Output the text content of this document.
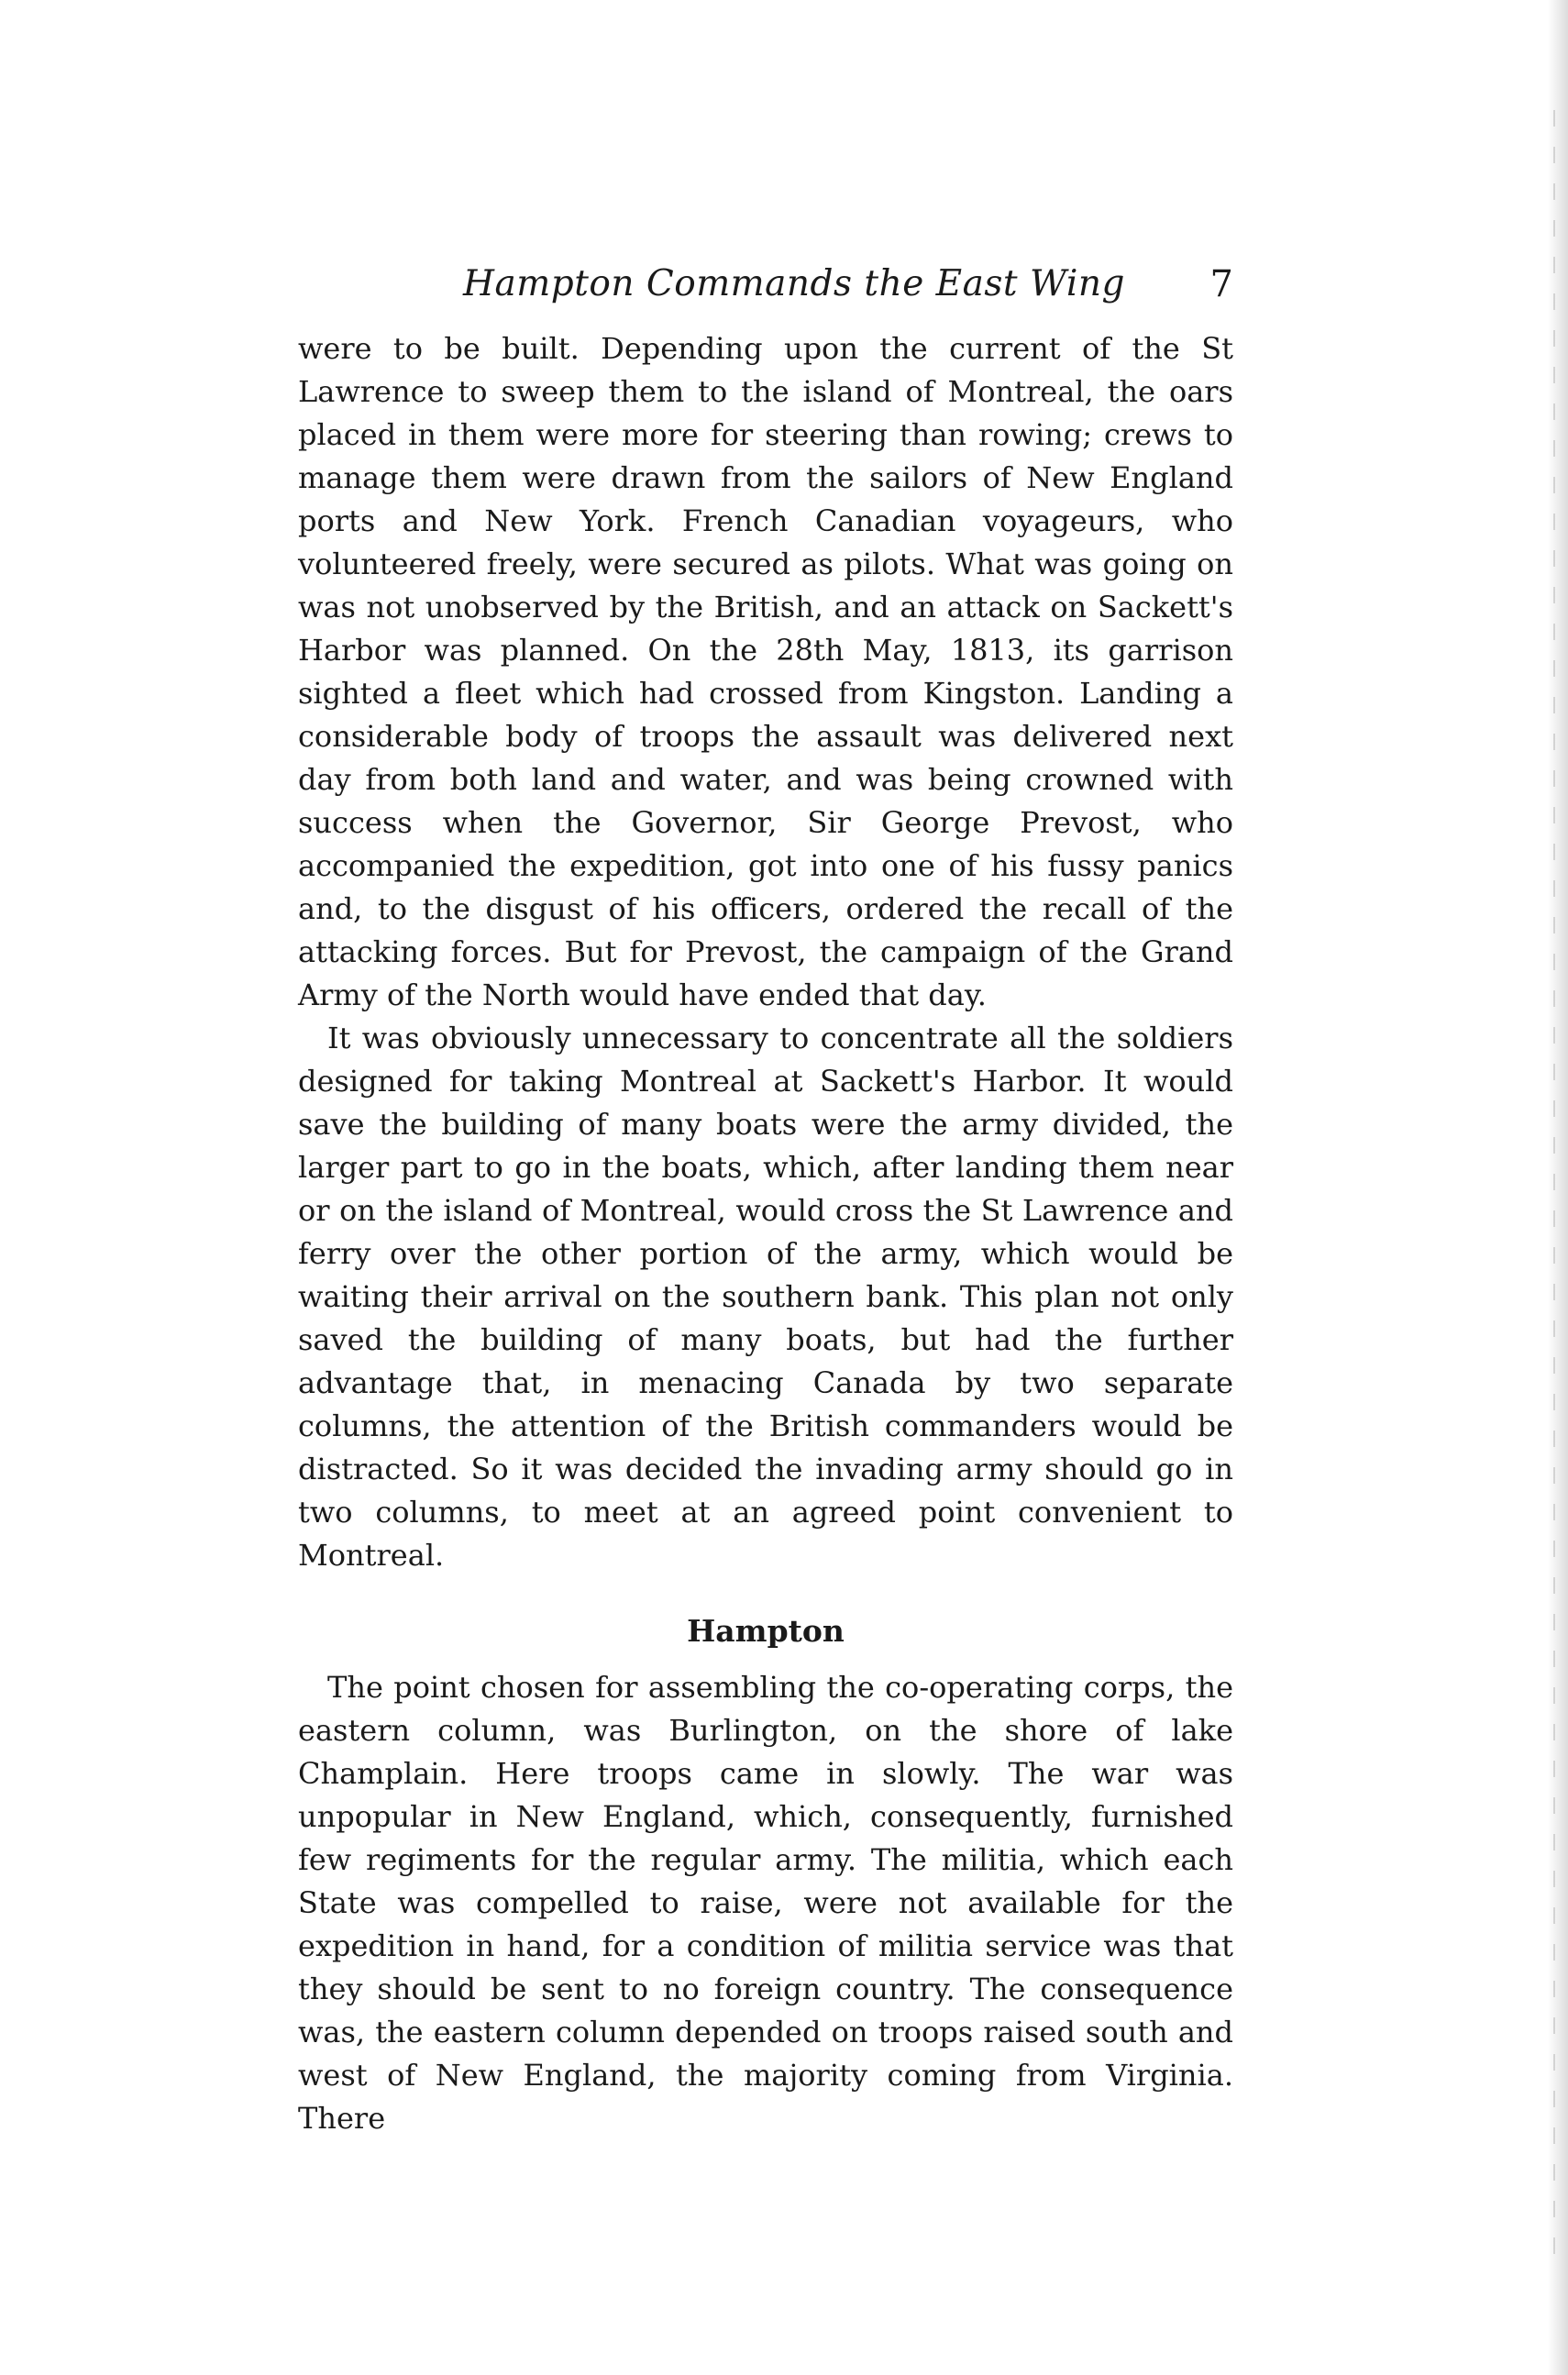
Hampton Commands the East Wing 7

were to be built. Depending upon the current of the St Lawrence to sweep them to the island of Montreal, the oars placed in them were more for steering than rowing; crews to manage them were drawn from the sailors of New England ports and New York. French Canadian voyageurs, who volunteered freely, were secured as pilots. What was going on was not unobserved by the British, and an attack on Sackett's Harbor was planned. On the 28th May, 1813, its garrison sighted a fleet which had crossed from Kingston. Landing a considerable body of troops the assault was delivered next day from both land and water, and was being crowned with success when the Governor, Sir George Prevost, who accompanied the expedition, got into one of his fussy panics and, to the disgust of his officers, ordered the recall of the attacking forces. But for Prevost, the campaign of the Grand Army of the North would have ended that day.

It was obviously unnecessary to concentrate all the soldiers designed for taking Montreal at Sackett's Harbor. It would save the building of many boats were the army divided, the larger part to go in the boats, which, after landing them near or on the island of Montreal, would cross the St Lawrence and ferry over the other portion of the army, which would be waiting their arrival on the southern bank. This plan not only saved the building of many boats, but had the further advantage that, in menacing Canada by two separate columns, the attention of the British commanders would be distracted. So it was decided the invading army should go in two columns, to meet at an agreed point convenient to Montreal.

Hampton

The point chosen for assembling the co-operating corps, the eastern column, was Burlington, on the shore of lake Champlain. Here troops came in slowly. The war was unpopular in New England, which, consequently, furnished few regiments for the regular army. The militia, which each State was compelled to raise, were not available for the expedition in hand, for a condition of militia service was that they should be sent to no foreign country. The consequence was, the eastern column depended on troops raised south and west of New England, the majority coming from Virginia. There
